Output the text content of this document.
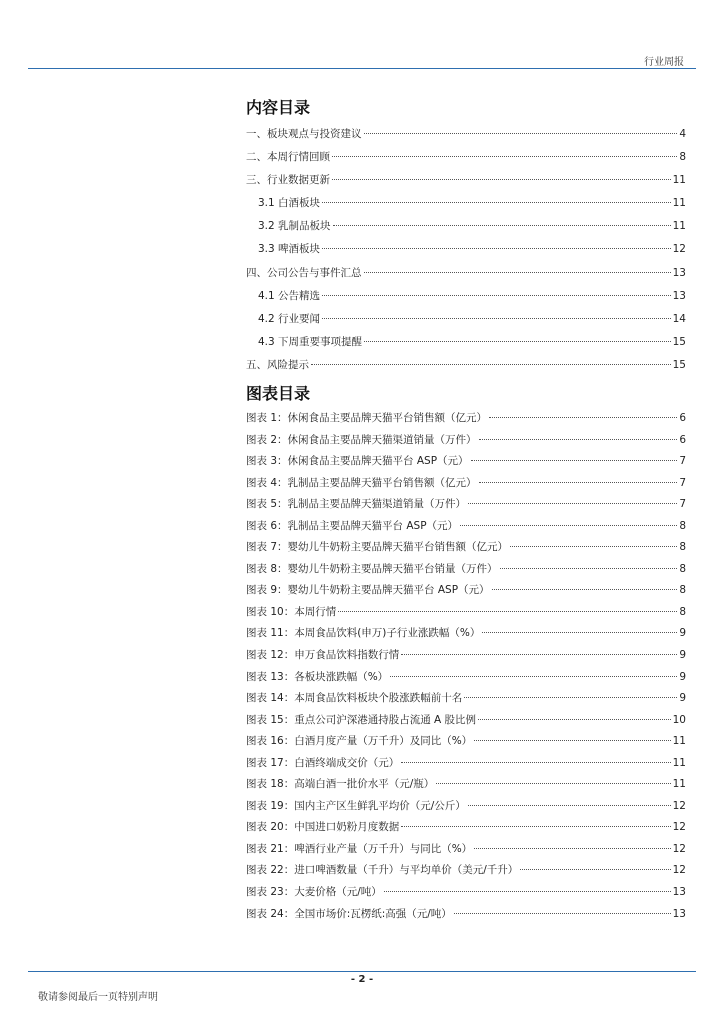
行业周报
内容目录
一、板块观点与投资建议	4
二、本周行情回顾	8
三、行业数据更新	11
3.1 白酒板块	11
3.2 乳制品板块	11
3.3 啤酒板块	12
四、公司公告与事件汇总	13
4.1 公告精选	13
4.2 行业要闻	14
4.3 下周重要事项提醒	15
五、风险提示	15
图表目录
图表 1：休闲食品主要品牌天猫平台销售额（亿元）	6
图表 2：休闲食品主要品牌天猫渠道销量（万件）	6
图表 3：休闲食品主要品牌天猫平台 ASP（元）	7
图表 4：乳制品主要品牌天猫平台销售额（亿元）	7
图表 5：乳制品主要品牌天猫渠道销量（万件）	7
图表 6：乳制品主要品牌天猫平台 ASP（元）	8
图表 7：婴幼儿牛奶粉主要品牌天猫平台销售额（亿元）	8
图表 8：婴幼儿牛奶粉主要品牌天猫平台销量（万件）	8
图表 9：婴幼儿牛奶粉主要品牌天猫平台 ASP（元）	8
图表 10：本周行情	8
图表 11：本周食品饮料(申万)子行业涨跌幅（%）	9
图表 12：申万食品饮料指数行情	9
图表 13：各板块涨跌幅（%）	9
图表 14：本周食品饮料板块个股涨跌幅前十名	9
图表 15：重点公司沪深港通持股占流通 A 股比例	10
图表 16：白酒月度产量（万千升）及同比（%）	11
图表 17：白酒终端成交价（元）	11
图表 18：高端白酒一批价水平（元/瓶）	11
图表 19：国内主产区生鲜乳平均价（元/公斤）	12
图表 20：中国进口奶粉月度数据	12
图表 21：啤酒行业产量（万千升）与同比（%）	12
图表 22：进口啤酒数量（千升）与平均单价（美元/千升）	12
图表 23：大麦价格（元/吨）	13
图表 24：全国市场价:瓦楞纸:高强（元/吨）	13
- 2 -
敬请参阅最后一页特别声明
